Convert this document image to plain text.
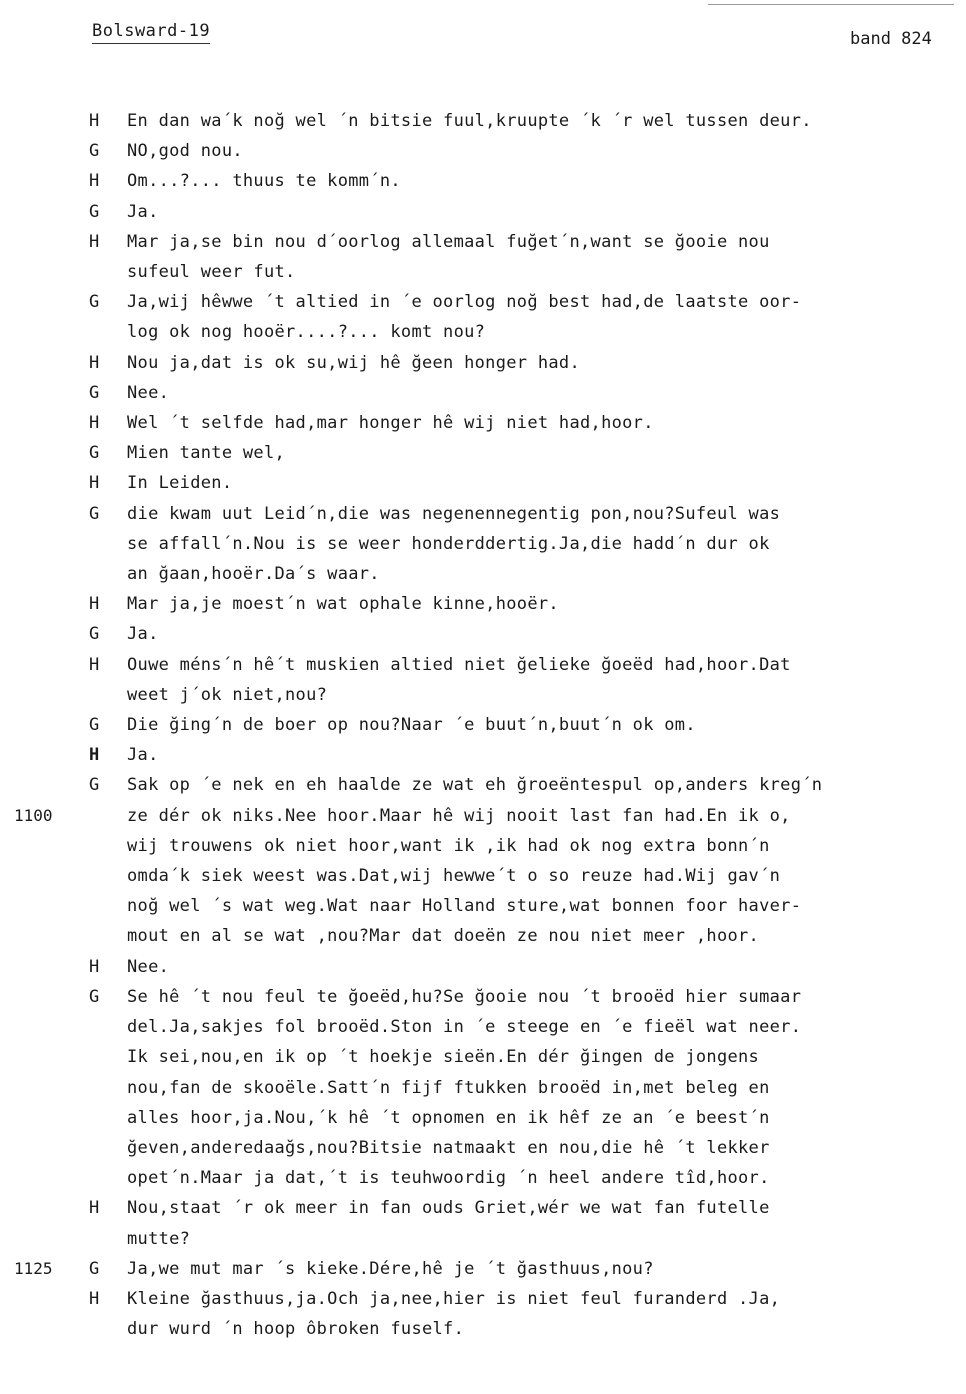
Bolsward-19	band 824
H	En dan wa´k noğ wel ´n bitsie fuul,kruupte ´k ´r wel tussen deur.
G	NO,god nou.
H	Om...?... thuus te komm´n.
G	Ja.
H	Mar ja,se bin nou d´oorlog allemaal fuğet´n,want se ğooie nou
sufeul weer fut.
G	Ja,wij hêwwe ´t altied in ´e oorlog noğ best had,de laatste oor-
log ok nog hooër....?... komt nou?
H	Nou ja,dat is ok su,wij hê ğeen honger had.
G	Nee.
H	Wel ´t selfde had,mar honger hê wij niet had,hoor.
G	Mien tante wel,
H	In Leiden.
G	die kwam uut Leid´n,die was negenennegentig pon,nou?Sufeul was
se affall´n.Nou is se weer honderddertig.Ja,die hadd´n dur ok
an ğaan,hooër.Da´s waar.
H	Mar ja,je moest´n wat ophale kinne,hooër.
G	Ja.
H	Ouwe méns´n hê´t muskien altied niet ğelieke ğoeëd had,hoor.Dat
weet j´ok niet,nou?
G	Die ğing´n de boer op nou?Naar ´e buut´n,buut´n ok om.
H	Ja.
G	Sak op ´e nek en eh haalde ze wat eh ğroeëntespul op,anders kreg´n
1100	ze dér ok niks.Nee hoor.Maar hê wij nooit last fan had.En ik o,
wij trouwens ok niet hoor,want ik ,ik had ok nog extra bonn´n
omda´k siek weest was.Dat,wij hewwe´t o so reuze had.Wij gav´n
noğ wel ´s wat weg.Wat naar Holland sture,wat bonnen foor haver-
mout en al se wat ,nou?Mar dat doeën ze nou niet meer ,hoor.
H	Nee.
G	Se hê ´t nou feul te ğoeëd,hu?Se ğooie nou ´t brooëd hier sumaar
del.Ja,sakjes fol brooëd.Ston in ´e steege en ´e fieël wat neer.
Ik sei,nou,en ik op ´t hoekje sieën.En dér ğingen de jongens
nou,fan de skooële.Satt´n fijf ftukken brooëd in,met beleg en
alles hoor,ja.Nou,´k hê ´t opnomen en ik hêf ze an ´e beest´n
ğeven,anderedaağs,nou?Bitsie natmaakt en nou,die hê ´t lekker
opet´n.Maar ja dat,´t is teuhwoordig ´n heel andere tîd,hoor.
H	Nou,staat ´r ok meer in fan ouds Griet,wér we wat fan futelle
mutte?
1125 G	Ja,we mut mar ´s kieke.Dére,hê je ´t ğasthuus,nou?
H	Kleine ğasthuus,ja.Och ja,nee,hier is niet feul furanderd .Ja,
dur wurd ´n hoop ôbroken fuself.
